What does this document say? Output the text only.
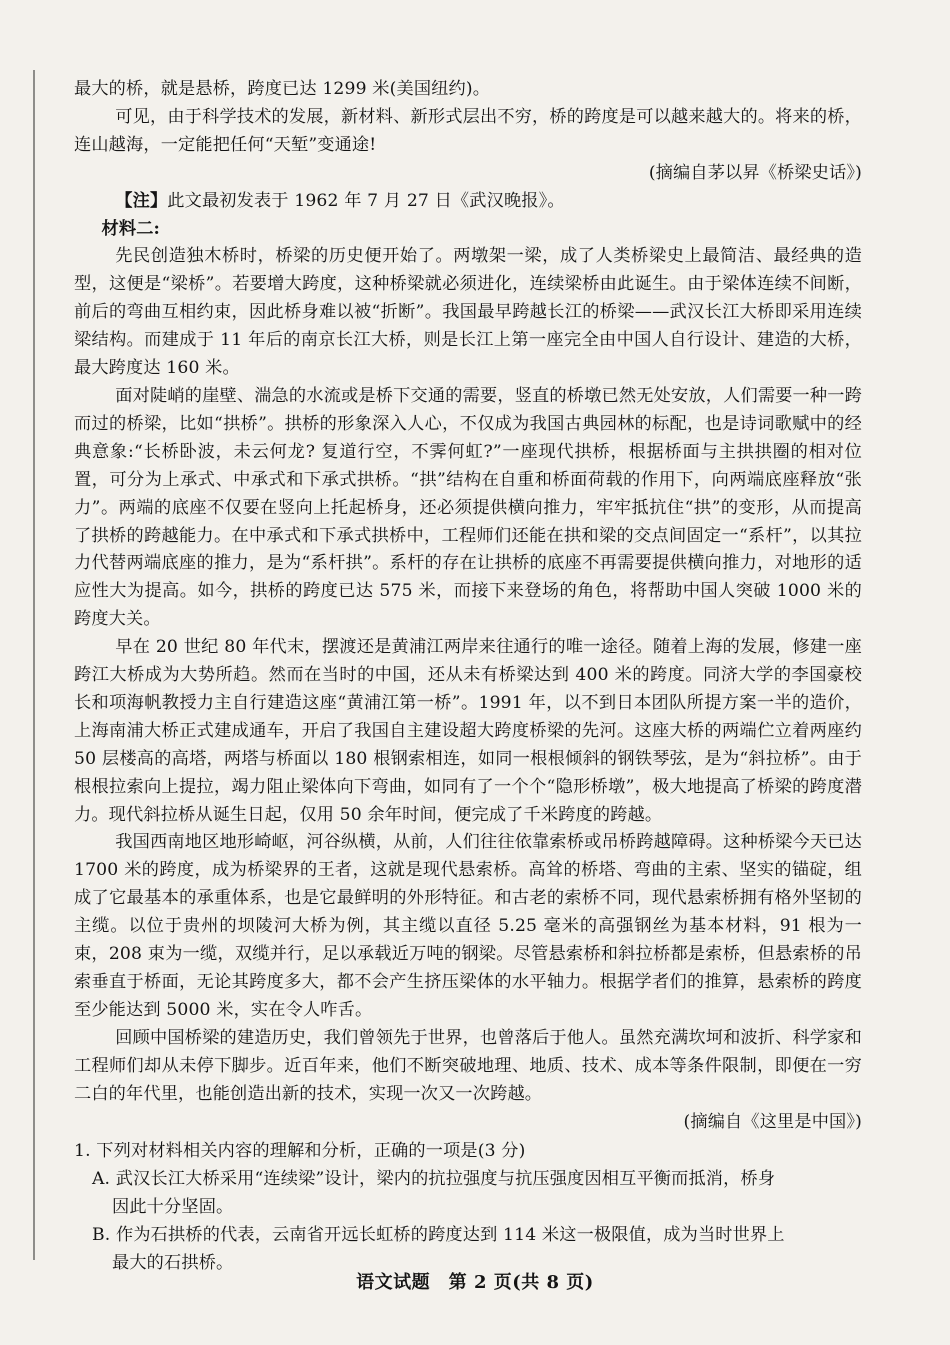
最大的桥，就是悬桥，跨度已达 1299 米(美国纽约)。

可见，由于科学技术的发展，新材料、新形式层出不穷，桥的跨度是可以越来越大的。将来的桥，连山越海，一定能把任何“天堑”变通途!

(摘编自茅以昇《桥梁史话》)

【注】此文最初发表于 1962 年 7 月 27 日《武汉晚报》。

材料二:

先民创造独木桥时，桥梁的历史便开始了。两墩架一梁，成了人类桥梁史上最简洁、最经典的造型，这便是“梁桥”。若要增大跨度，这种桥梁就必须进化，连续梁桥由此诞生。由于梁体连续不间断，前后的弯曲互相约束，因此桥身难以被“折断”。我国最早跨越长江的桥梁——武汉长江大桥即采用连续梁结构。而建成于 11 年后的南京长江大桥，则是长江上第一座完全由中国人自行设计、建造的大桥，最大跨度达 160 米。

面对陡峭的崖壁、湍急的水流或是桥下交通的需要，竖直的桥墩已然无处安放，人们需要一种一跨而过的桥梁，比如“拱桥”。拱桥的形象深入人心，不仅成为我国古典园林的标配，也是诗词歌赋中的经典意象:“长桥卧波，未云何龙? 复道行空，不霁何虹?”一座现代拱桥，根据桥面与主拱拱圈的相对位置，可分为上承式、中承式和下承式拱桥。“拱”结构在自重和桥面荷载的作用下，向两端底座释放“张力”。两端的底座不仅要在竖向上托起桥身，还必须提供横向推力，牢牢抵抗住“拱”的变形，从而提高了拱桥的跨越能力。在中承式和下承式拱桥中，工程师们还能在拱和梁的交点间固定一“系杆”，以其拉力代替两端底座的推力，是为“系杆拱”。系杆的存在让拱桥的底座不再需要提供横向推力，对地形的适应性大为提高。如今，拱桥的跨度已达 575 米，而接下来登场的角色，将帮助中国人突破 1000 米的跨度大关。

早在 20 世纪 80 年代末，摆渡还是黄浦江两岸来往通行的唯一途径。随着上海的发展，修建一座跨江大桥成为大势所趋。然而在当时的中国，还从未有桥梁达到 400 米的跨度。同济大学的李国豪校长和项海帆教授力主自行建造这座“黄浦江第一桥”。1991 年，以不到日本团队所提方案一半的造价，上海南浦大桥正式建成通车，开启了我国自主建设超大跨度桥梁的先河。这座大桥的两端伫立着两座约 50 层楼高的高塔，两塔与桥面以 180 根钢索相连，如同一根根倾斜的钢铁琴弦，是为“斜拉桥”。由于根根拉索向上提拉，竭力阻止梁体向下弯曲，如同有了一个个“隐形桥墩”，极大地提高了桥梁的跨度潜力。现代斜拉桥从诞生日起，仅用 50 余年时间，便完成了千米跨度的跨越。

我国西南地区地形崎岖，河谷纵横，从前，人们往往依靠索桥或吊桥跨越障碍。这种桥梁今天已达 1700 米的跨度，成为桥梁界的王者，这就是现代悬索桥。高耸的桥塔、弯曲的主索、坚实的锚碇，组成了它最基本的承重体系，也是它最鲜明的外形特征。和古老的索桥不同，现代悬索桥拥有格外坚韧的主缆。以位于贵州的坝陵河大桥为例，其主缆以直径 5.25 毫米的高强钢丝为基本材料，91 根为一束，208 束为一缆，双缆并行，足以承载近万吨的钢梁。尽管悬索桥和斜拉桥都是索桥，但悬索桥的吊索垂直于桥面，无论其跨度多大，都不会产生挤压梁体的水平轴力。根据学者们的推算，悬索桥的跨度至少能达到 5000 米，实在令人咋舌。

回顾中国桥梁的建造历史，我们曾领先于世界，也曾落后于他人。虽然充满坎坷和波折、科学家和工程师们却从未停下脚步。近百年来，他们不断突破地理、地质、技术、成本等条件限制，即便在一穷二白的年代里，也能创造出新的技术，实现一次又一次跨越。

(摘编自《这里是中国》)

1. 下列对材料相关内容的理解和分析，正确的一项是(3 分)

A. 武汉长江大桥采用“连续梁”设计，梁内的抗拉强度与抗压强度因相互平衡而抵消，桥身
因此十分坚固。

B. 作为石拱桥的代表，云南省开远长虹桥的跨度达到 114 米这一极限值，成为当时世界上
最大的石拱桥。

语文试题　第 2 页(共 8 页)
